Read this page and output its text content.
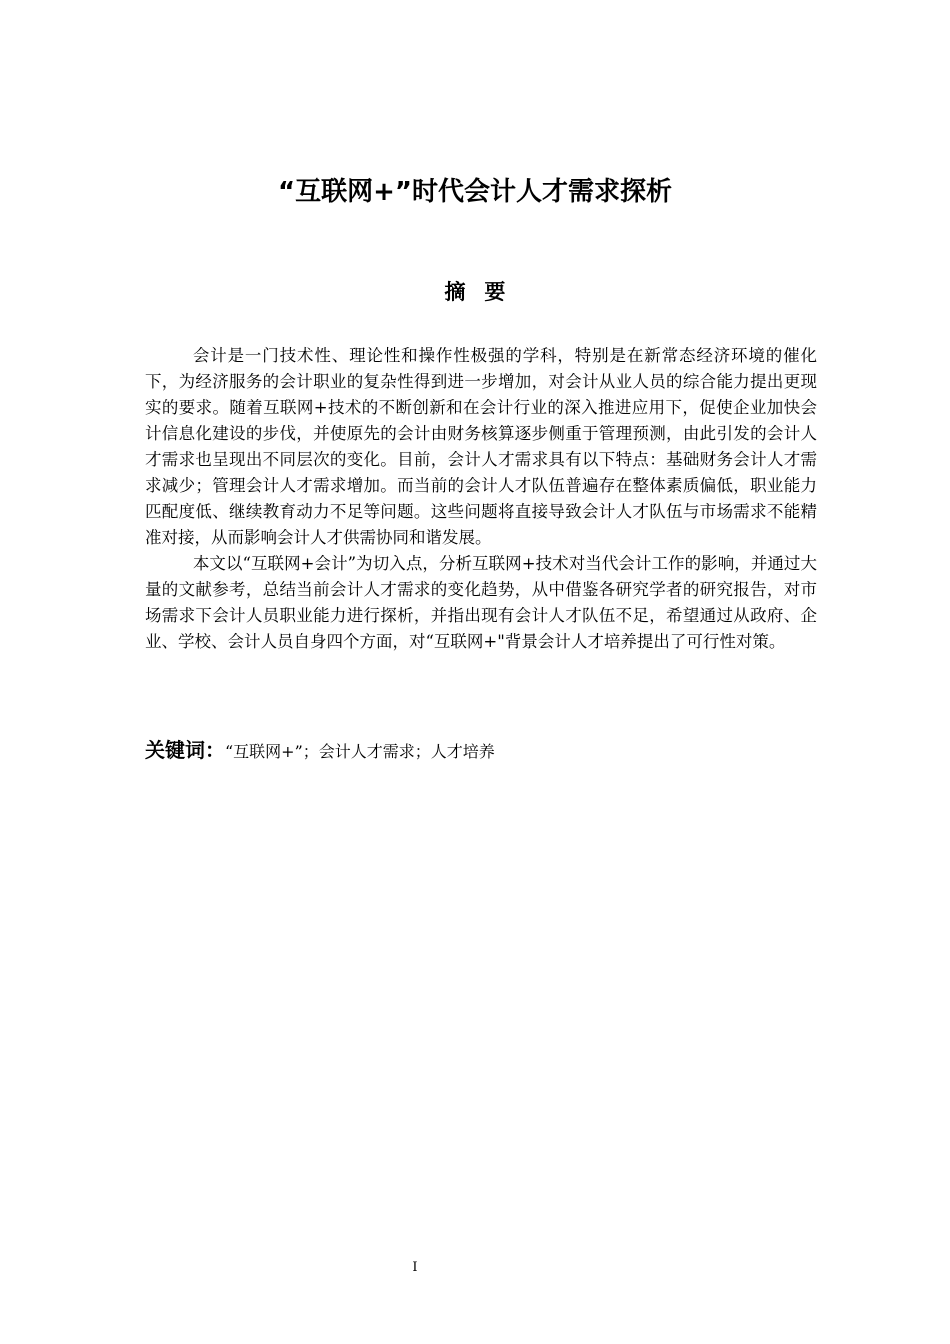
“互联网+”时代会计人才需求探析
摘要

会计是一门技术性、理论性和操作性极强的学科，特别是在新常态经济环境的催化下，为经济服务的会计职业的复杂性得到进一步增加，对会计从业人员的综合能力提出更现实的要求。随着互联网+技术的不断创新和在会计行业的深入推进应用下，促使企业加快会计信息化建设的步伐，并使原先的会计由财务核算逐步侧重于管理预测，由此引发的会计人才需求也呈现出不同层次的变化。目前，会计人才需求具有以下特点：基础财务会计人才需求减少；管理会计人才需求增加。而当前的会计人才队伍普遍存在整体素质偏低，职业能力匹配度低、继续教育动力不足等问题。这些问题将直接导致会计人才队伍与市场需求不能精准对接，从而影响会计人才供需协同和谐发展。

本文以“互联网+会计”为切入点，分析互联网+技术对当代会计工作的影响，并通过大量的文献参考，总结当前会计人才需求的变化趋势，从中借鉴各研究学者的研究报告，对市场需求下会计人员职业能力进行探析，并指出现有会计人才队伍不足，希望通过从政府、企业、学校、会计人员自身四个方面，对“互联网+"背景会计人才培养提出了可行性对策。

关键词：“互联网+”；会计人才需求；人才培养
I
